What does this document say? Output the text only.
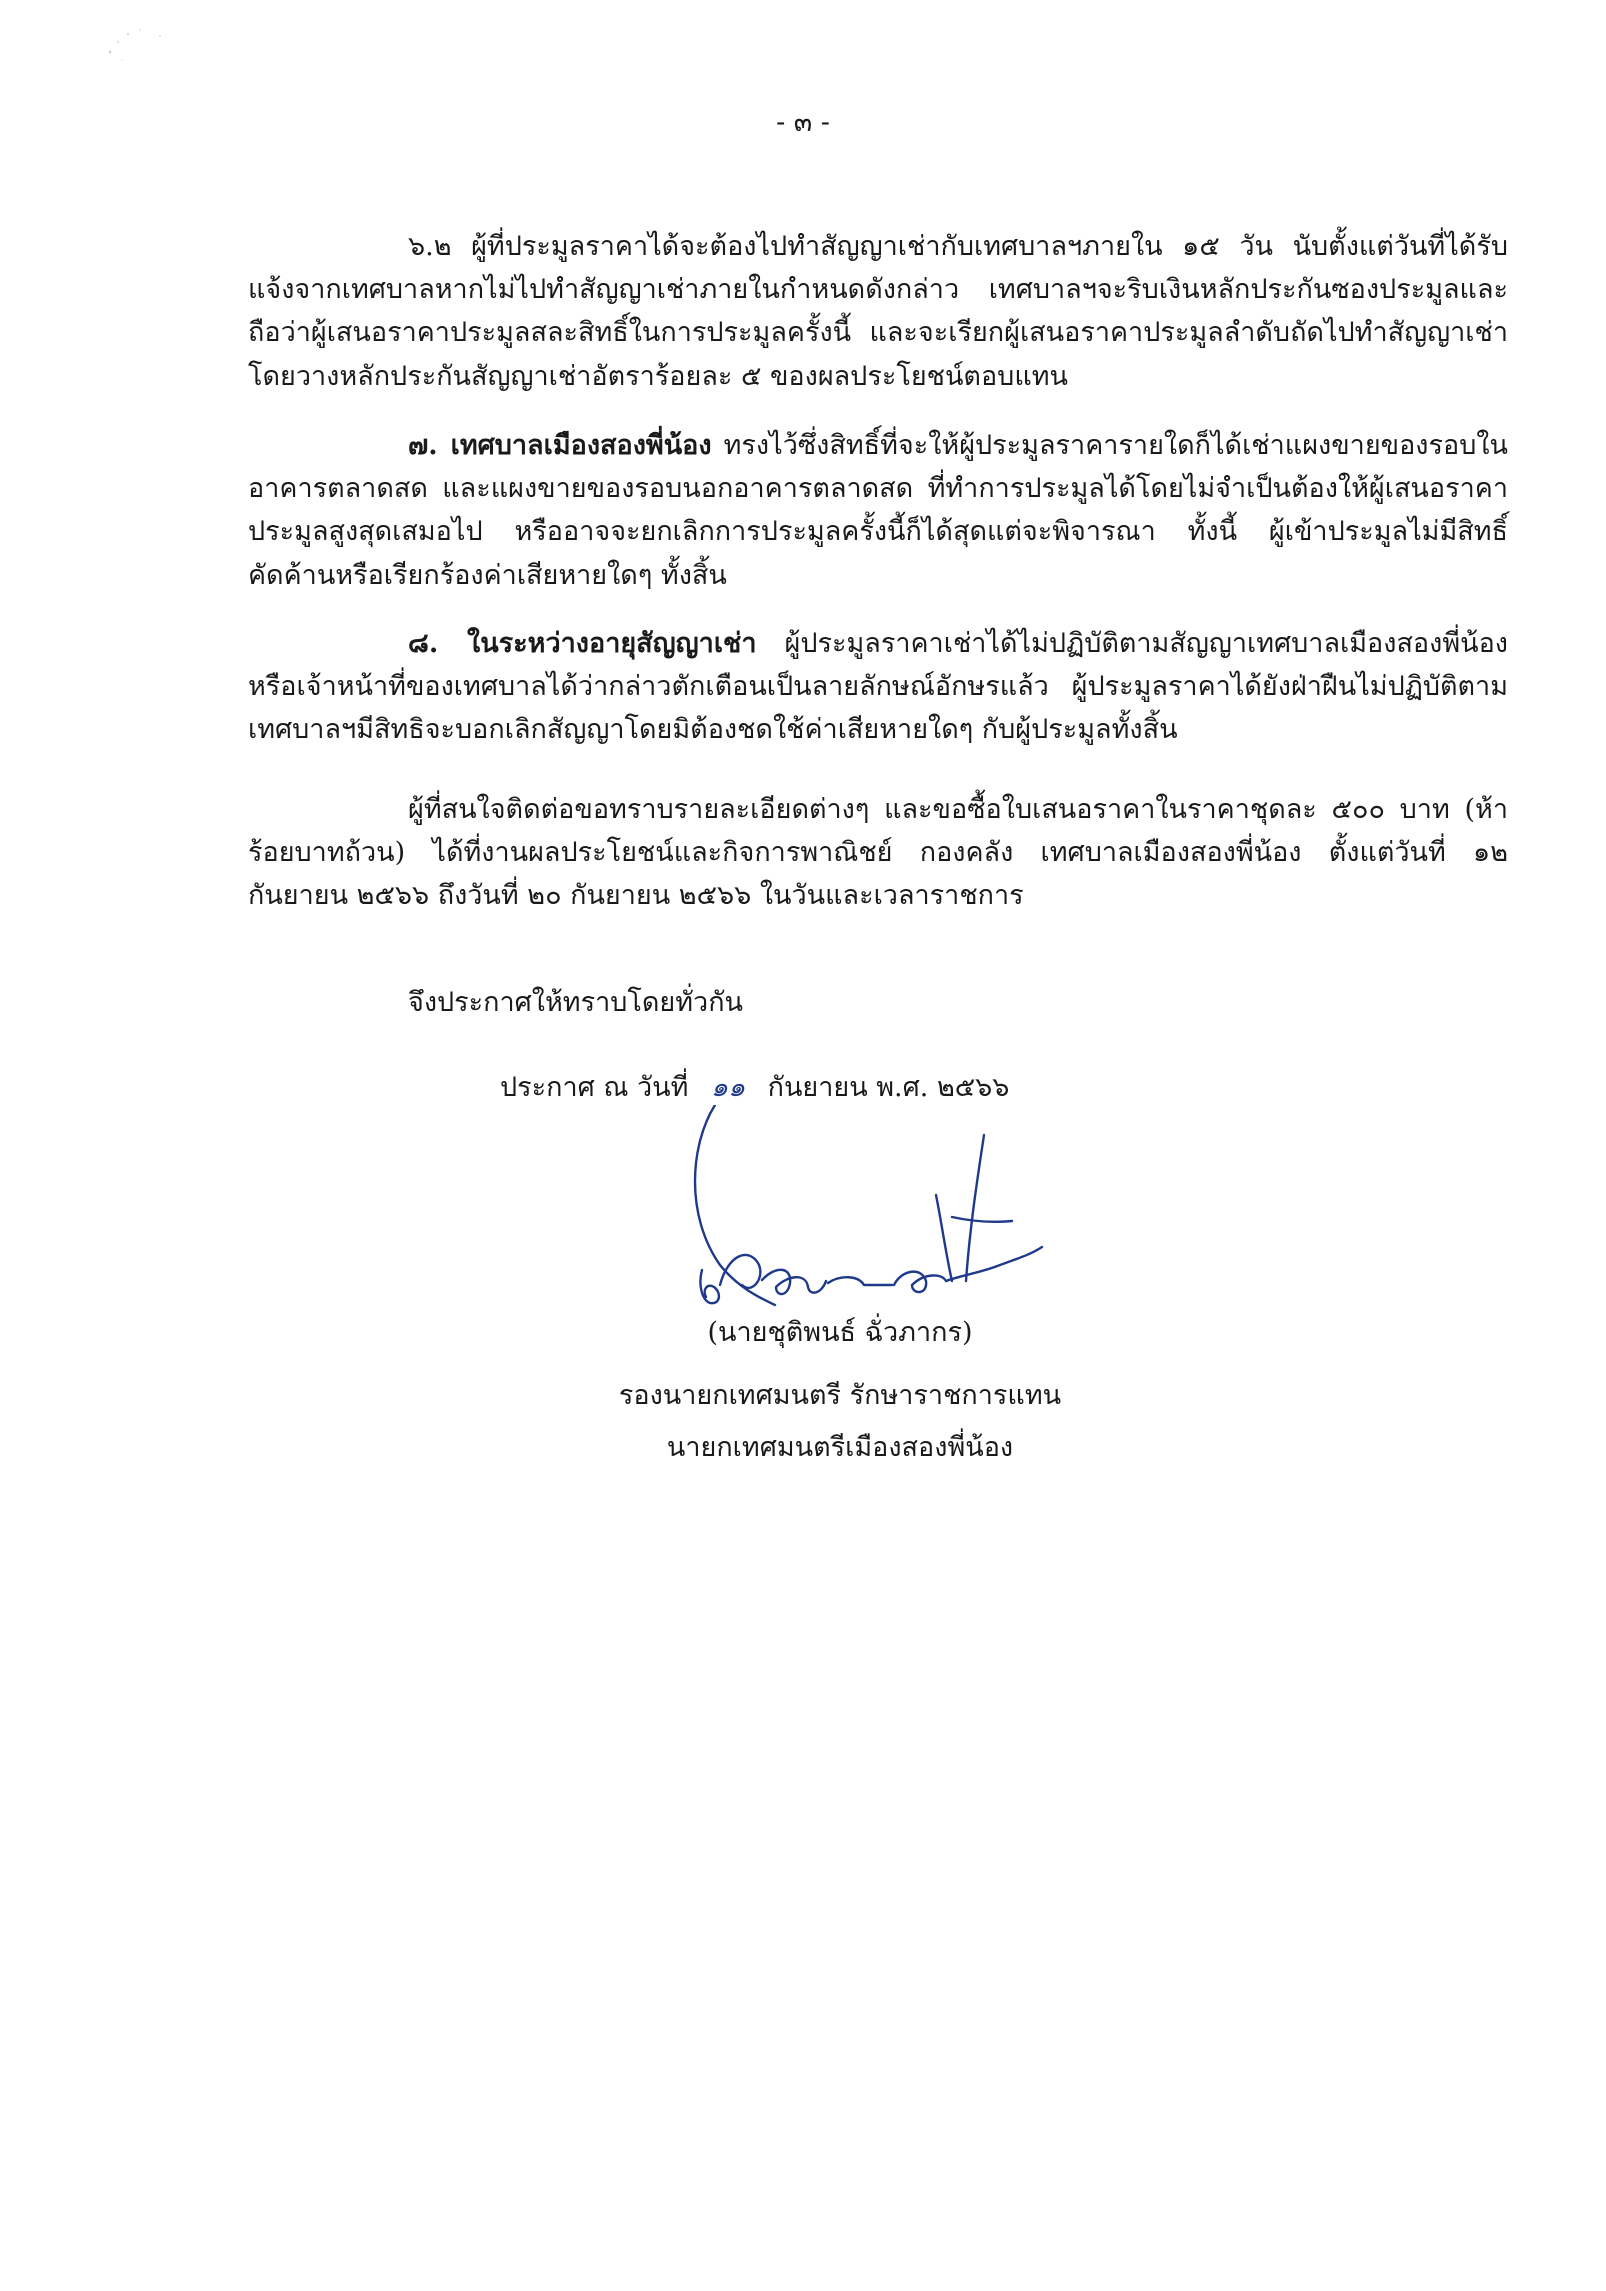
- ๓ -

๖.๒ ผู้ที่ประมูลราคาได้จะต้องไปทำสัญญาเช่ากับเทศบาลฯภายใน ๑๕ วัน นับตั้งแต่วันที่ได้รับแจ้งจากเทศบาลหากไม่ไปทำสัญญาเช่าภายในกำหนดดังกล่าว เทศบาลฯจะริบเงินหลักประกันซองประมูลและถือว่าผู้เสนอราคาประมูลสละสิทธิ์ในการประมูลครั้งนี้ และจะเรียกผู้เสนอราคาประมูลลำดับถัดไปทำสัญญาเช่า โดยวางหลักประกันสัญญาเช่าอัตราร้อยละ ๕ ของผลประโยชน์ตอบแทน

๗. เทศบาลเมืองสองพี่น้อง ทรงไว้ซึ่งสิทธิ์ที่จะให้ผู้ประมูลราคารายใดก็ได้เช่าแผงขายของรอบในอาคารตลาดสด และแผงขายของรอบนอกอาคารตลาดสด ที่ทำการประมูลได้โดยไม่จำเป็นต้องให้ผู้เสนอราคาประมูลสูงสุดเสมอไป หรืออาจจะยกเลิกการประมูลครั้งนี้ก็ได้สุดแต่จะพิจารณา ทั้งนี้ ผู้เข้าประมูลไม่มีสิทธิ์คัดค้านหรือเรียกร้องค่าเสียหายใดๆ ทั้งสิ้น

๘. ในระหว่างอายุสัญญาเช่า ผู้ประมูลราคาเช่าได้ไม่ปฏิบัติตามสัญญาเทศบาลเมืองสองพี่น้องหรือเจ้าหน้าที่ของเทศบาลได้ว่ากล่าวตักเตือนเป็นลายลักษณ์อักษรแล้ว ผู้ประมูลราคาได้ยังฝ่าฝืนไม่ปฏิบัติตามเทศบาลฯมีสิทธิจะบอกเลิกสัญญาโดยมิต้องชดใช้ค่าเสียหายใดๆ กับผู้ประมูลทั้งสิ้น

ผู้ที่สนใจติดต่อขอทราบรายละเอียดต่างๆ และขอซื้อใบเสนอราคาในราคาชุดละ ๕๐๐ บาท (ห้าร้อยบาทถ้วน) ได้ที่งานผลประโยชน์และกิจการพาณิชย์ กองคลัง เทศบาลเมืองสองพี่น้อง ตั้งแต่วันที่ ๑๒ กันยายน ๒๕๖๖ ถึงวันที่ ๒๐ กันยายน ๒๕๖๖ ในวันและเวลาราชการ

จึงประกาศให้ทราบโดยทั่วกัน
ประกาศ ณ วันที่ ๑๑ กันยายน พ.ศ. ๒๕๖๖
(นายชุติพนธ์ ฉั่วภากร)
รองนายกเทศมนตรี รักษาราชการแทน
นายกเทศมนตรีเมืองสองพี่น้อง
